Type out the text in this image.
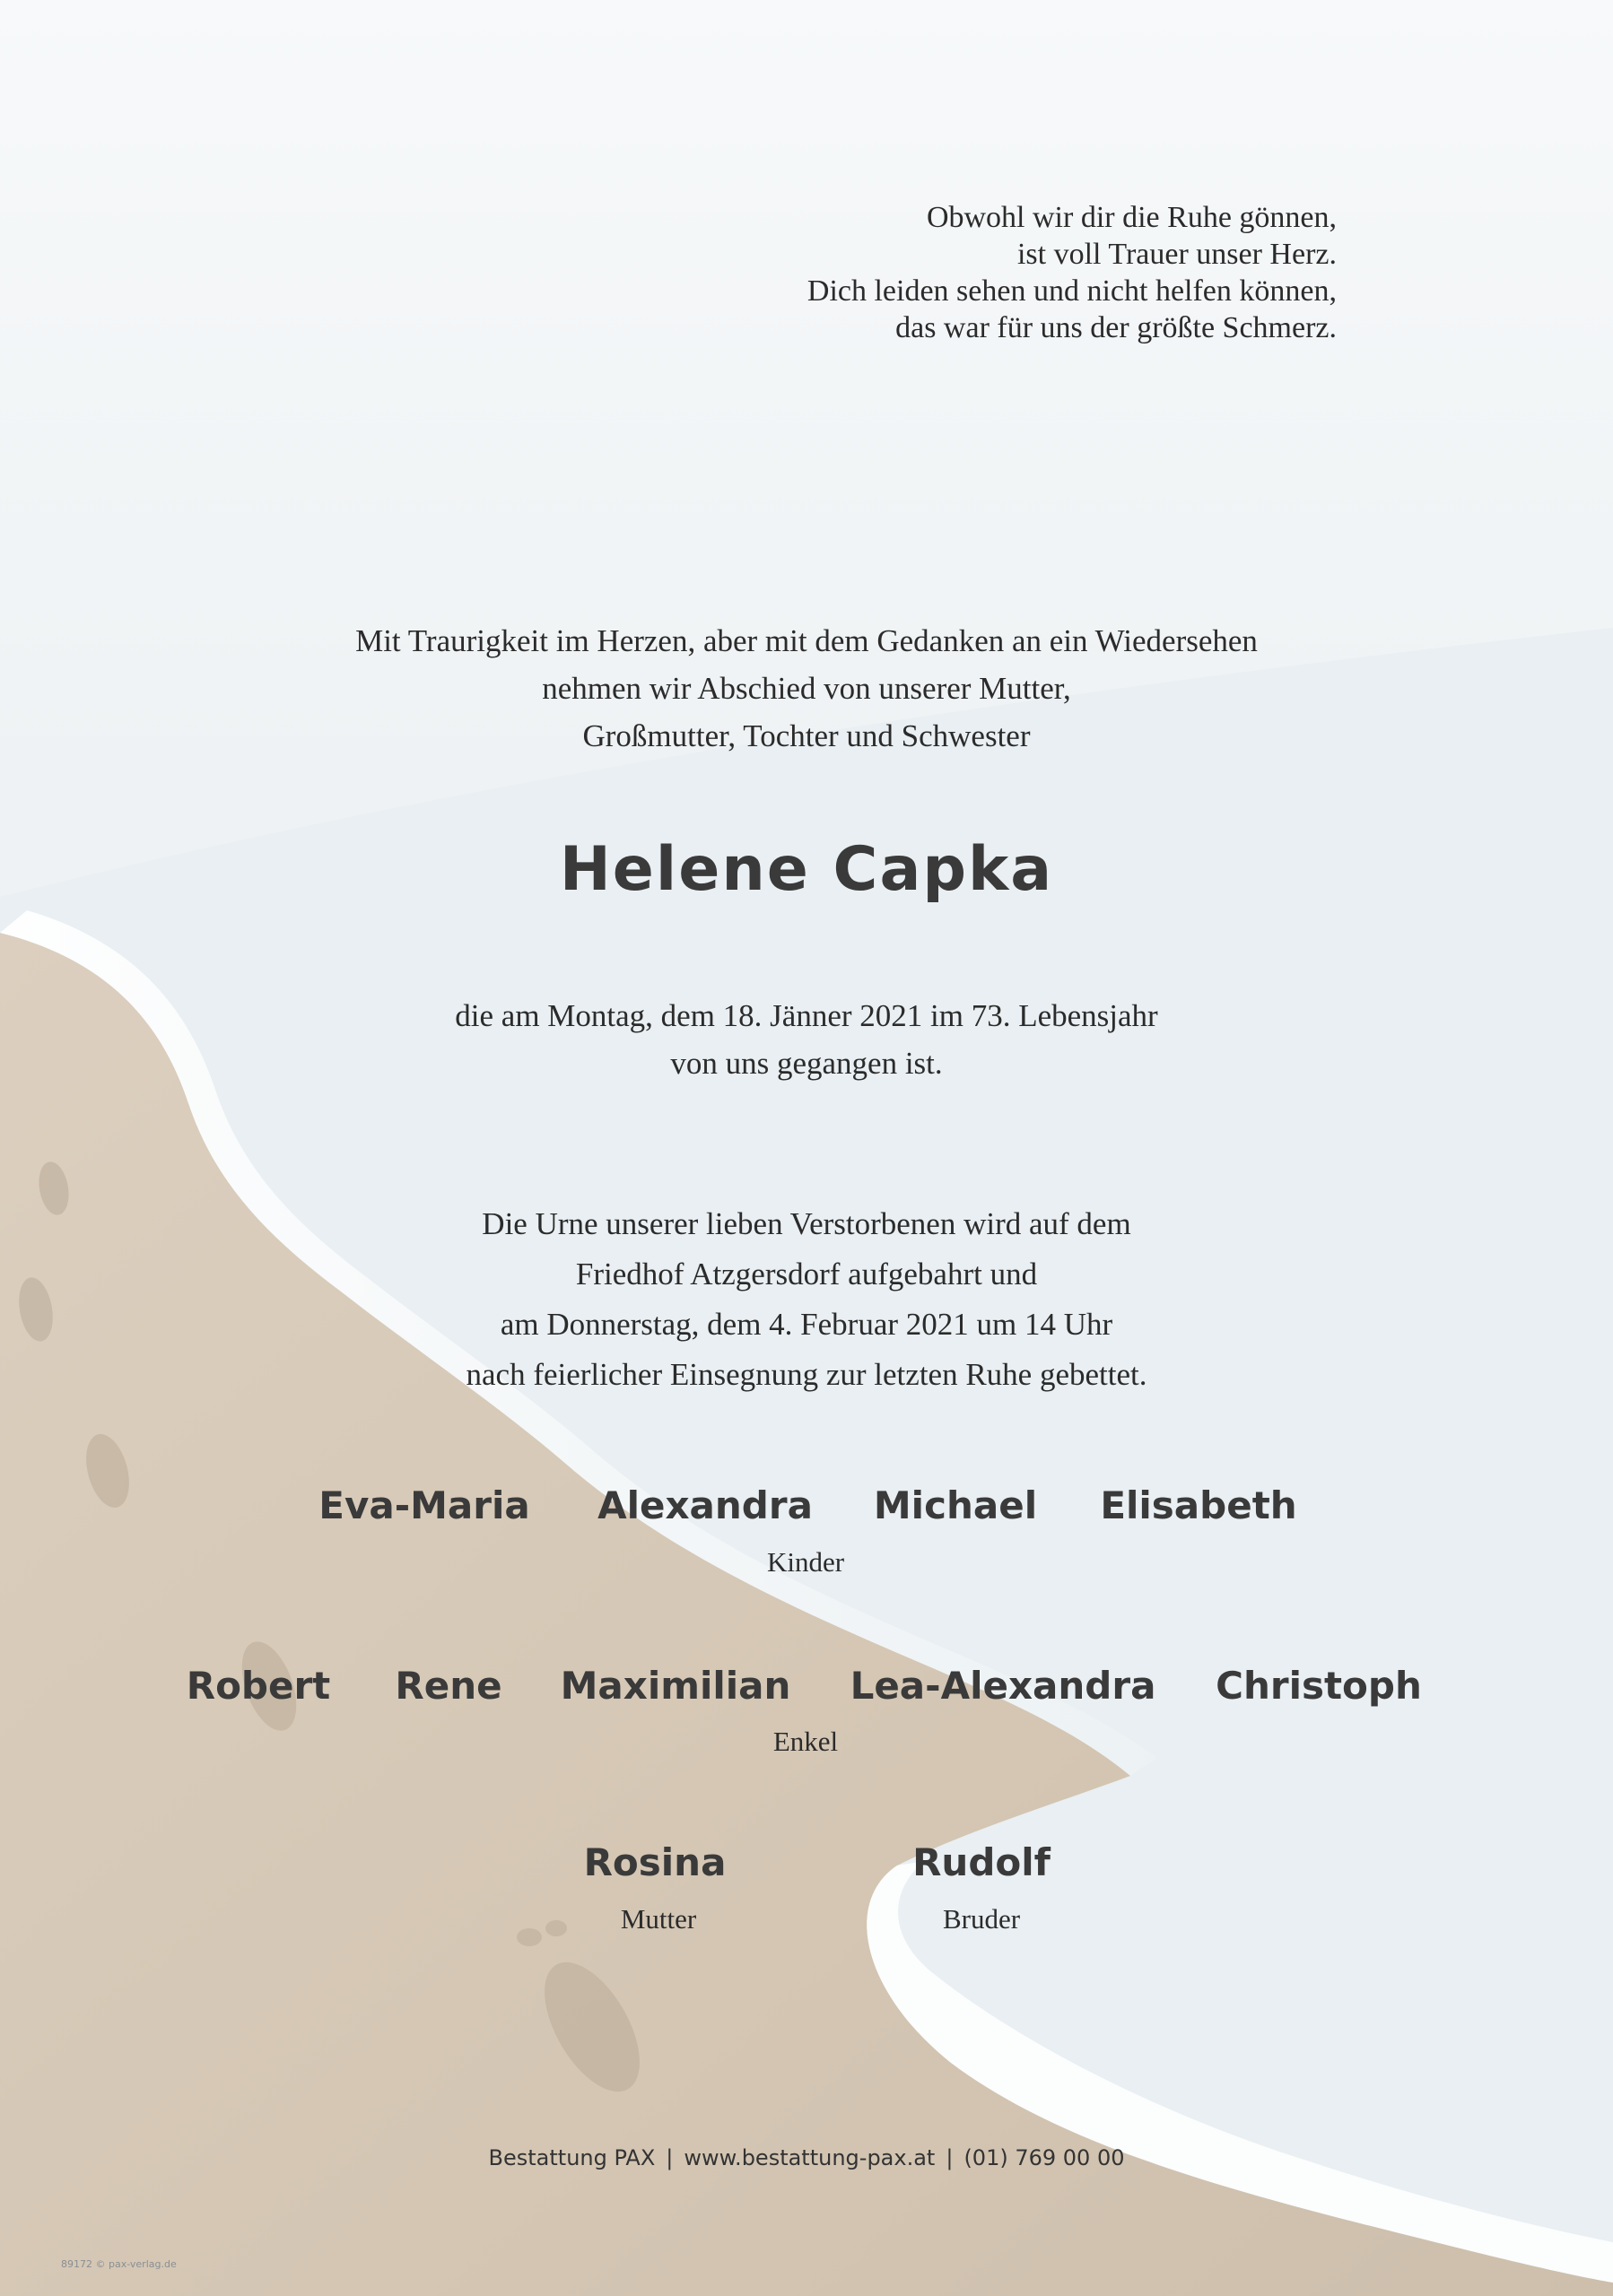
Obwohl wir dir die Ruhe gönnen,
ist voll Trauer unser Herz.
Dich leiden sehen und nicht helfen können,
das war für uns der größte Schmerz.
Mit Traurigkeit im Herzen, aber mit dem Gedanken an ein Wiedersehen
nehmen wir Abschied von unserer Mutter,
Großmutter, Tochter und Schwester
Helene Capka
die am Montag, dem 18. Jänner 2021 im 73. Lebensjahr
von uns gegangen ist.
Die Urne unserer lieben Verstorbenen wird auf dem
Friedhof Atzgersdorf aufgebahrt und
am Donnerstag, dem 4. Februar 2021 um 14 Uhr
nach feierlicher Einsegnung zur letzten Ruhe gebettet.
Eva-Maria Alexandra Michael Elisabeth
Kinder
Robert Rene Maximilian Lea-Alexandra Christoph
Enkel
Rosina
Mutter
Rudolf
Bruder
Bestattung PAX | www.bestattung-pax.at | (01) 769 00 00
89172 © pax-verlag.de
